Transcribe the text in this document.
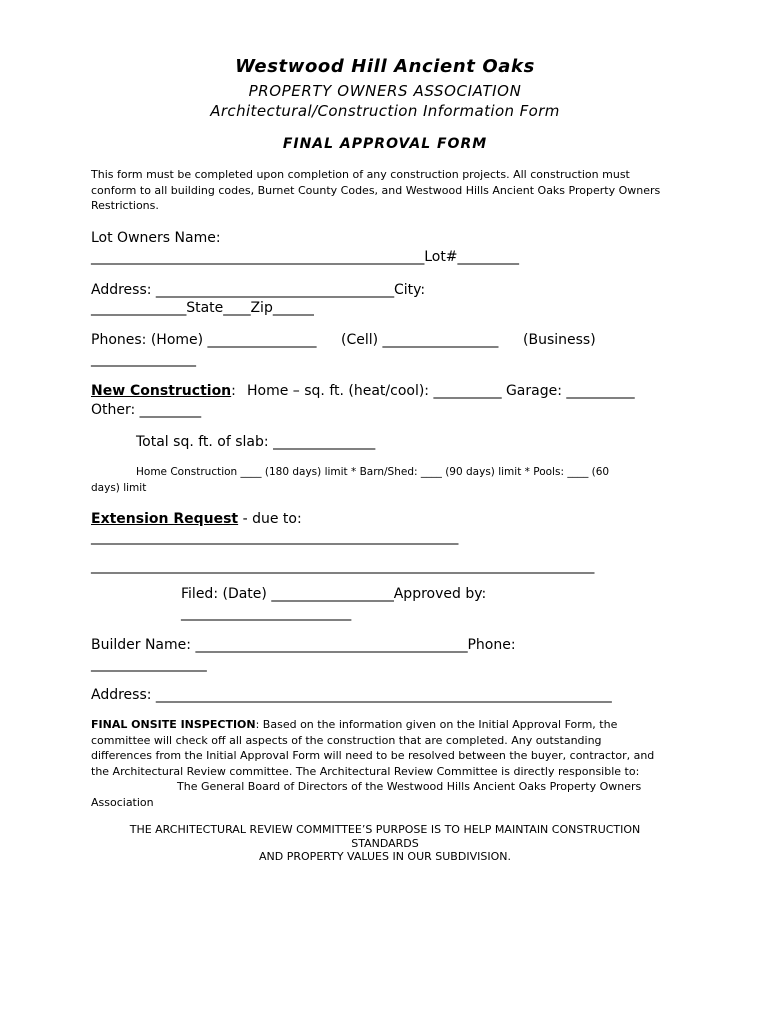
Westwood Hill Ancient Oaks
PROPERTY OWNERS ASSOCIATION
Architectural/Construction Information Form
FINAL APPROVAL FORM

This form must be completed upon completion of any construction projects. All construction must

conform to all building codes, Burnet County Codes, and Westwood Hills Ancient Oaks Property Owners

Restrictions.

Lot Owners Name:
_________________________________________________Lot#_________
Address: ___________________________________City:
______________State____Zip______
Phones: (Home) ________________ (Cell) _________________ (Business)
_______________
New Construction: Home – sq. ft. (heat/cool): __________ Garage: __________
Other: _________
Total sq. ft. of slab: _______________
Home Construction ____ (180 days) limit * Barn/Shed: ____ (90 days) limit * Pools: ____ (60
days) limit
Extension Request - due to:
______________________________________________________
__________________________________________________________________________
Filed: (Date) __________________Approved by:
_________________________
Builder Name: ________________________________________Phone:
_________________
Address: ___________________________________________________________________
FINAL ONSITE INSPECTION: Based on the information given on the Initial Approval Form, the
committee will check off all aspects of the construction that are completed. Any outstanding
differences from the Initial Approval Form will need to be resolved between the buyer, contractor, and
the Architectural Review committee. The Architectural Review Committee is directly responsible to:
The General Board of Directors of the Westwood Hills Ancient Oaks Property Owners
Association
THE ARCHITECTURAL REVIEW COMMITTEE’S PURPOSE IS TO HELP MAINTAIN CONSTRUCTION
STANDARDS
AND PROPERTY VALUES IN OUR SUBDIVISION.
